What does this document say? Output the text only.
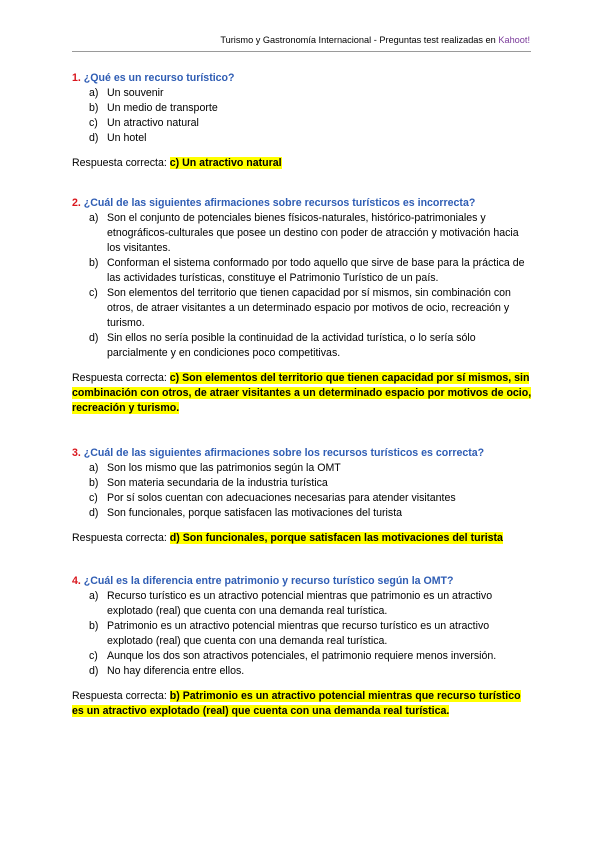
Turismo y Gastronomía Internacional - Preguntas test realizadas en Kahoot!

1. ¿Qué es un recurso turístico?

a) Un souvenir
b) Un medio de transporte
c) Un atractivo natural
d) Un hotel

Respuesta correcta: c) Un atractivo natural

2. ¿Cuál de las siguientes afirmaciones sobre recursos turísticos es incorrecta?

a) Son el conjunto de potenciales bienes físicos-naturales, histórico-patrimoniales y etnográficos-culturales que posee un destino con poder de atracción y motivación hacia los visitantes.
b) Conforman el sistema conformado por todo aquello que sirve de base para la práctica de las actividades turísticas, constituye el Patrimonio Turístico de un país.
c) Son elementos del territorio que tienen capacidad por sí mismos, sin combinación con otros, de atraer visitantes a un determinado espacio por motivos de ocio, recreación y turismo.
d) Sin ellos no sería posible la continuidad de la actividad turística, o lo sería sólo parcialmente y en condiciones poco competitivas.

Respuesta correcta: c) Son elementos del territorio que tienen capacidad por sí mismos, sin combinación con otros, de atraer visitantes a un determinado espacio por motivos de ocio, recreación y turismo.

3. ¿Cuál de las siguientes afirmaciones sobre los recursos turísticos es correcta?

a) Son los mismo que las patrimonios según la OMT
b) Son materia secundaria de la industria turística
c) Por sí solos cuentan con adecuaciones necesarias para atender visitantes
d) Son funcionales, porque satisfacen las motivaciones del turista

Respuesta correcta: d) Son funcionales, porque satisfacen las motivaciones del turista

4. ¿Cuál es la diferencia entre patrimonio y recurso turístico según la OMT?

a) Recurso turístico es un atractivo potencial mientras que patrimonio es un atractivo explotado (real) que cuenta con una demanda real turística.
b) Patrimonio es un atractivo potencial mientras que recurso turístico es un atractivo explotado (real) que cuenta con una demanda real turística.
c) Aunque los dos son atractivos potenciales, el patrimonio requiere menos inversión.
d) No hay diferencia entre ellos.

Respuesta correcta: b) Patrimonio es un atractivo potencial mientras que recurso turístico es un atractivo explotado (real) que cuenta con una demanda real turística.
